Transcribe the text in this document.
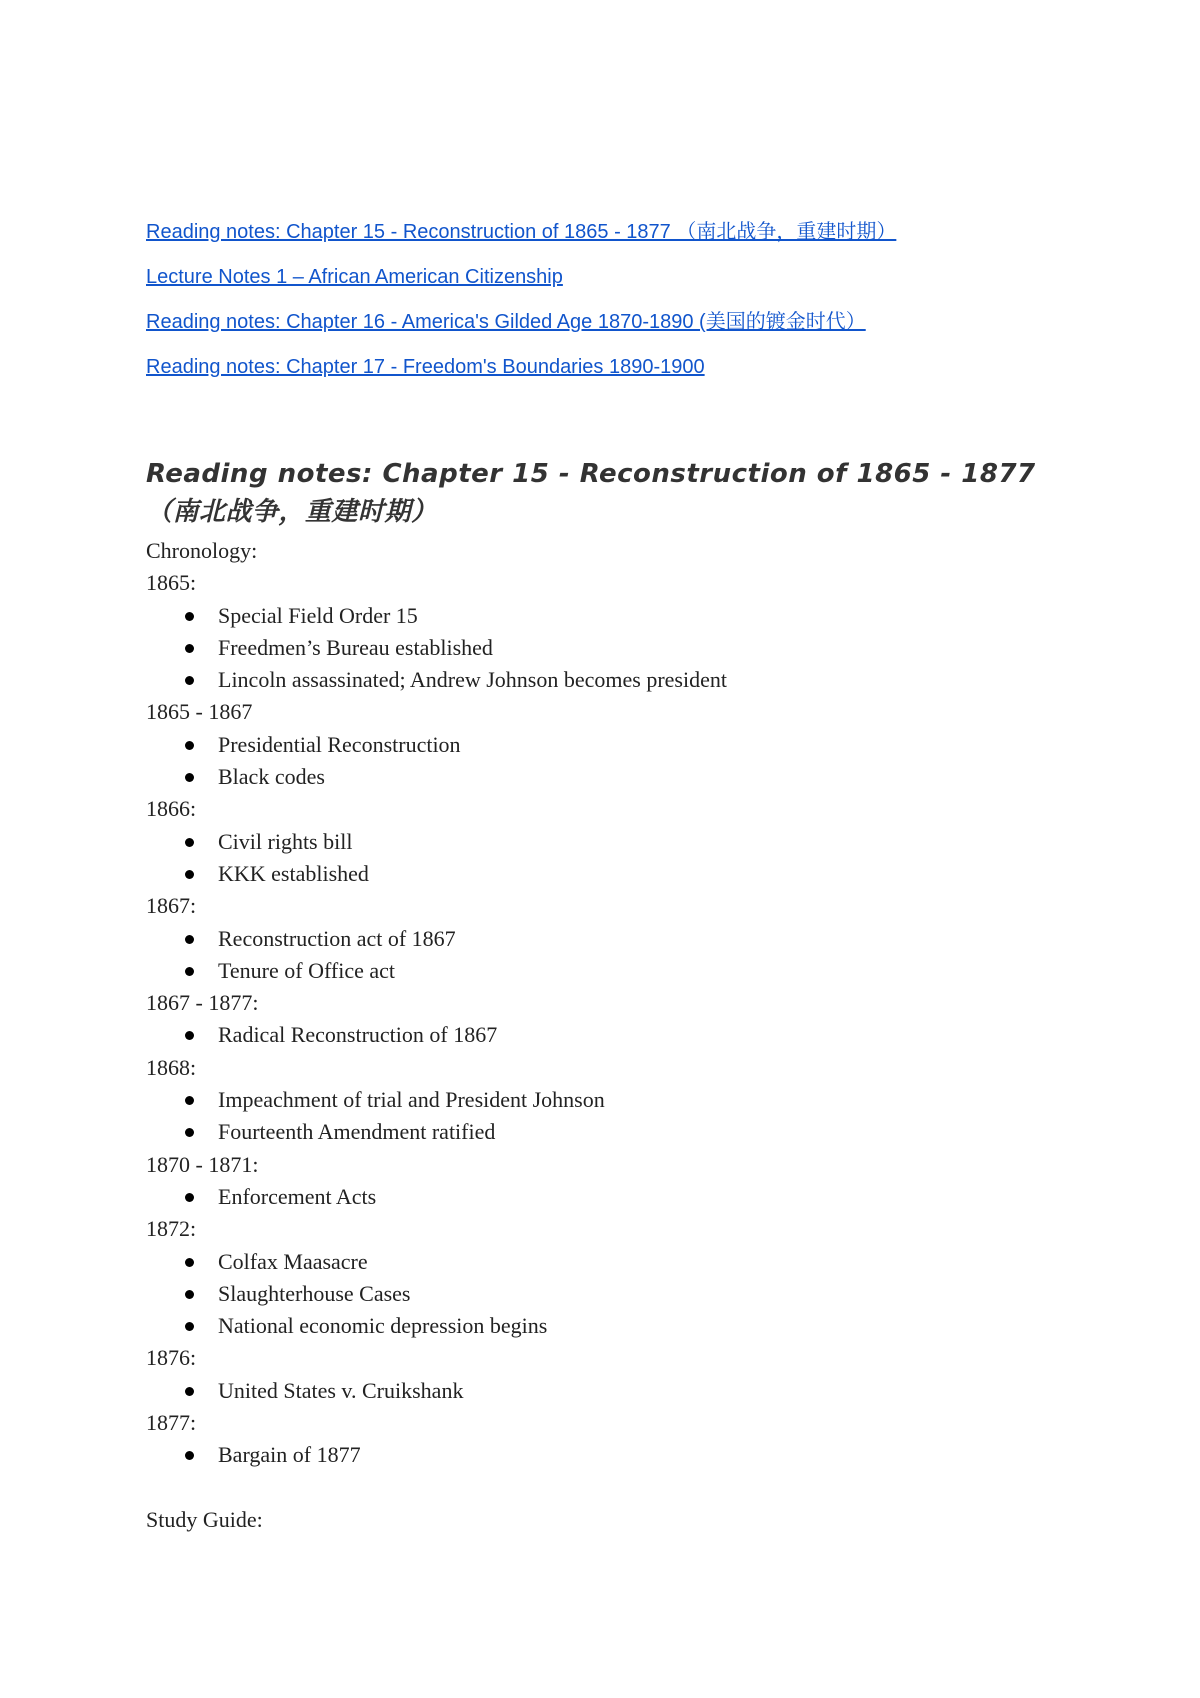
Reading notes: Chapter 15 - Reconstruction of 1865 - 1877 （南北战争，重建时期）
Lecture Notes 1 – African American Citizenship
Reading notes: Chapter 16 - America's Gilded Age 1870-1890 (美国的镀金时代）
Reading notes: Chapter 17 - Freedom's Boundaries 1890-1900
Reading notes: Chapter 15 - Reconstruction of 1865 - 1877 （南北战争，重建时期）

Chronology:

1865:

Special Field Order 15
Freedmen’s Bureau established
Lincoln assassinated; Andrew Johnson becomes president

1865 - 1867

Presidential Reconstruction
Black codes

1866:

Civil rights bill
KKK established

1867:

Reconstruction act of 1867
Tenure of Office act

1867 - 1877:

Radical Reconstruction of 1867

1868:

Impeachment of trial and President Johnson
Fourteenth Amendment ratified

1870 - 1871:

Enforcement Acts

1872:

Colfax Maasacre
Slaughterhouse Cases
National economic depression begins

1876:

United States v. Cruikshank

1877:

Bargain of 1877

Study Guide:
